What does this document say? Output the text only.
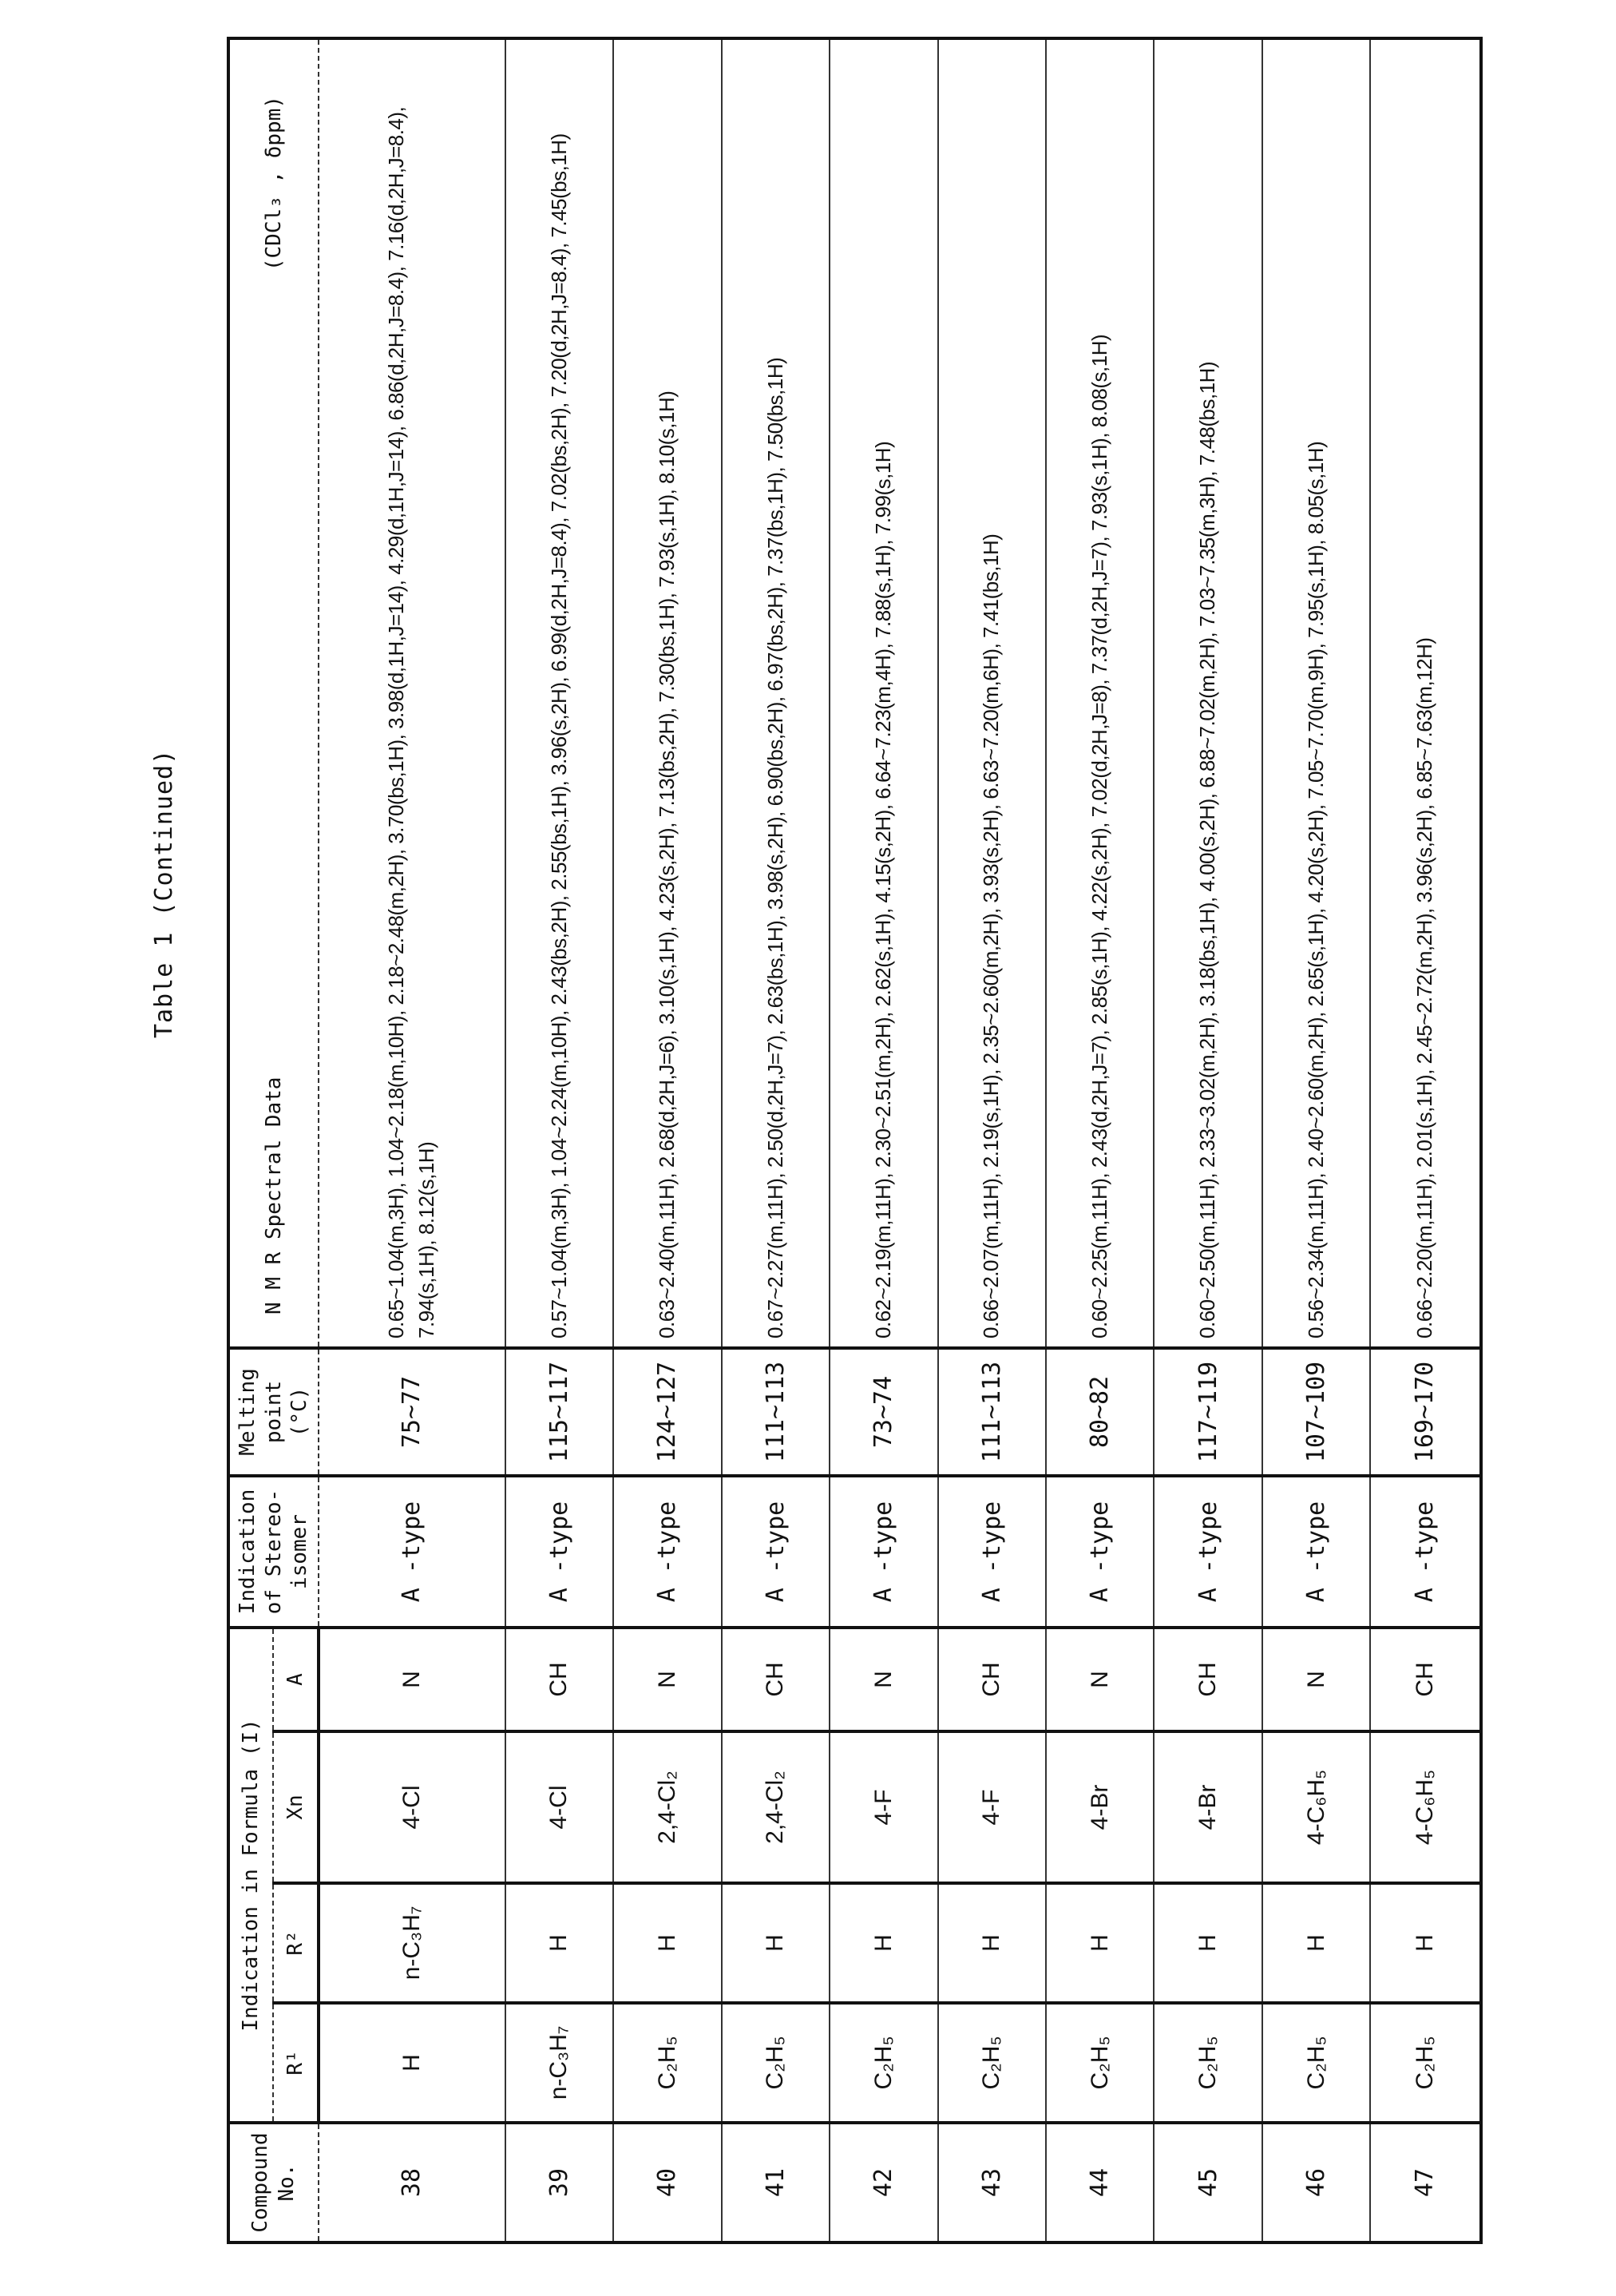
Table 1 (Continued)
Compound No.	Indication in Formula (I)				Indication of Stereo-isomer	Melting point (°C)	N M R Spectral Data
(CDCl₃ , δppm)

	R¹	R²	Xn	A			
38	H	n-C₃H₇	4-Cl	N	A -type	75~77	0.65~1.04(m,3H), 1.04~2.18(m,10H), 2.18~2.48(m,2H), 3.70(bs,1H), 3.98(d,1H,J=14), 4.29(d,1H,J=14), 6.86(d,2H,J=8.4), 7.16(d,2H,J=8.4), 7.94(s,1H), 8.12(s,1H)
39	n-C₃H₇	H	4-Cl	CH	A -type	115~117	0.57~1.04(m,3H), 1.04~2.24(m,10H), 2.43(bs,2H), 2.55(bs,1H), 3.96(s,2H), 6.99(d,2H,J=8.4), 7.02(bs,2H), 7.20(d,2H,J=8.4), 7.45(bs,1H)
40	C₂H₅	H	2,4-Cl₂	N	A -type	124~127	0.63~2.40(m,11H), 2.68(d,2H,J=6), 3.10(s,1H), 4.23(s,2H), 7.13(bs,2H), 7.30(bs,1H), 7.93(s,1H), 8.10(s,1H)
41	C₂H₅	H	2,4-Cl₂	CH	A -type	111~113	0.67~2.27(m,11H), 2.50(d,2H,J=7), 2.63(bs,1H), 3.98(s,2H), 6.90(bs,2H), 6.97(bs,2H), 7.37(bs,1H), 7.50(bs,1H)
42	C₂H₅	H	4-F	N	A -type	73~74	0.62~2.19(m,11H), 2.30~2.51(m,2H), 2.62(s,1H), 4.15(s,2H), 6.64~7.23(m,4H), 7.88(s,1H), 7.99(s,1H)
43	C₂H₅	H	4-F	CH	A -type	111~113	0.66~2.07(m,11H), 2.19(s,1H), 2.35~2.60(m,2H), 3.93(s,2H), 6.63~7.20(m,6H), 7.41(bs,1H)
44	C₂H₅	H	4-Br	N	A -type	80~82	0.60~2.25(m,11H), 2.43(d,2H,J=7), 2.85(s,1H), 4.22(s,2H), 7.02(d,2H,J=8), 7.37(d,2H,J=7), 7.93(s,1H), 8.08(s,1H)
45	C₂H₅	H	4-Br	CH	A -type	117~119	0.60~2.50(m,11H), 2.33~3.02(m,2H), 3.18(bs,1H), 4.00(s,2H), 6.88~7.02(m,2H), 7.03~7.35(m,3H), 7.48(bs,1H)
46	C₂H₅	H	4-C₆H₅	N	A -type	107~109	0.56~2.34(m,11H), 2.40~2.60(m,2H), 2.65(s,1H), 4.20(s,2H), 7.05~7.70(m,9H), 7.95(s,1H), 8.05(s,1H)
47	C₂H₅	H	4-C₆H₅	CH	A -type	169~170	0.66~2.20(m,11H), 2.01(s,1H), 2.45~2.72(m,2H), 3.96(s,2H), 6.85~7.63(m,12H)
